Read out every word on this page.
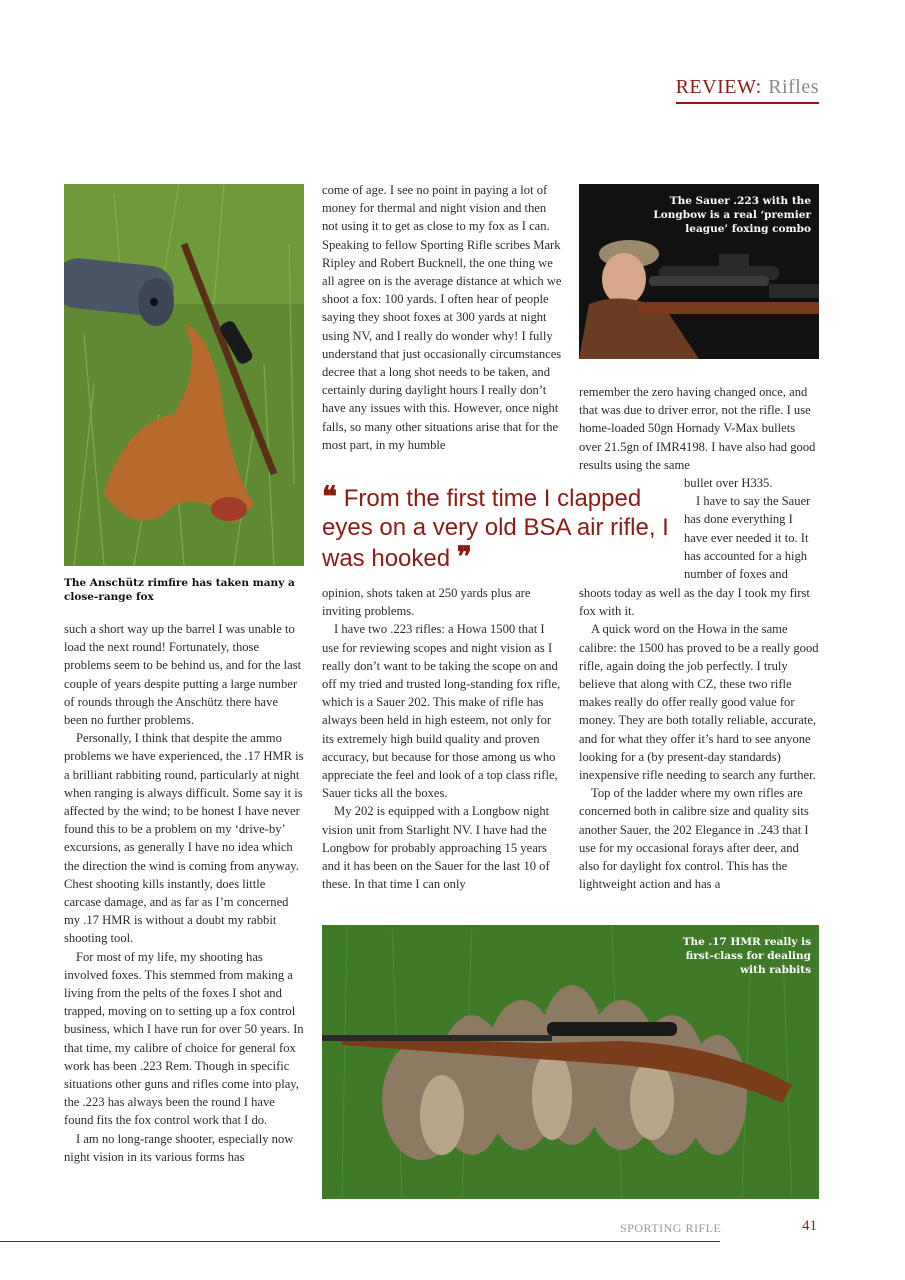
REVIEW: Rifles
The Anschütz rimfire has taken many a close-range fox
The Sauer .223 with the
Longbow is a real ‘premier
league’ foxing combo
The .17 HMR really is
first-class for dealing
with rabbits

such a short way up the barrel I was unable to load the next round! Fortunately, those problems seem to be behind us, and for the last couple of years despite putting a large number of rounds through the Anschütz there have been no further problems.

Personally, I think that despite the ammo problems we have experienced, the .17 HMR is a brilliant rabbiting round, particularly at night when ranging is always difficult. Some say it is affected by the wind; to be honest I have never found this to be a problem on my ‘drive-by’ excursions, as generally I have no idea which the direction the wind is coming from anyway. Chest shooting kills instantly, does little carcase damage, and as far as I’m concerned my .17 HMR is without a doubt my rabbit shooting tool.

For most of my life, my shooting has involved foxes. This stemmed from making a living from the pelts of the foxes I shot and trapped, moving on to setting up a fox control business, which I have run for over 50 years. In that time, my calibre of choice for general fox work has been .223 Rem. Though in specific situations other guns and rifles come into play, the .223 has always been the round I have found fits the fox control work that I do.

I am no long-range shooter, especially now night vision in its various forms has

come of age. I see no point in paying a lot of money for thermal and night vision and then not using it to get as close to my fox as I can. Speaking to fellow Sporting Rifle scribes Mark Ripley and Robert Bucknell, the one thing we all agree on is the average distance at which we shoot a fox: 100 yards. I often hear of people saying they shoot foxes at 300 yards at night using NV, and I really do wonder why! I fully understand that just occasionally circumstances decree that a long shot needs to be taken, and certainly during daylight hours I really don’t have any issues with this. However, once night falls, so many other situations arise that for the most part, in my humble

❝ From the first time I clapped eyes on a very old BSA air rifle, I was hooked ❞

opinion, shots taken at 250 yards plus are inviting problems.

I have two .223 rifles: a Howa 1500 that I use for reviewing scopes and night vision as I really don’t want to be taking the scope on and off my tried and trusted long-standing fox rifle, which is a Sauer 202. This make of rifle has always been held in high esteem, not only for its extremely high build quality and proven accuracy, but because for those among us who appreciate the feel and look of a top class rifle, Sauer ticks all the boxes.

My 202 is equipped with a Longbow night vision unit from Starlight NV. I have had the Longbow for probably approaching 15 years and it has been on the Sauer for the last 10 of these. In that time I can only

remember the zero having changed once, and that was due to driver error, not the rifle. I use home-loaded 50gn Hornady V-Max bullets over 21.5gn of IMR4198. I have also had good results using the same

bullet over H335.

I have to say the Sauer has done everything I have ever needed it to. It has accounted for a high number of foxes and

shoots today as well as the day I took my first fox with it.

A quick word on the Howa in the same calibre: the 1500 has proved to be a really good rifle, again doing the job perfectly. I truly believe that along with CZ, these two rifle makes really do offer really good value for money. They are both totally reliable, accurate, and for what they offer it’s hard to see anyone looking for a (by present-day standards) inexpensive rifle needing to search any further.

Top of the ladder where my own rifles are concerned both in calibre size and quality sits another Sauer, the 202 Elegance in .243 that I use for my occasional forays after deer, and also for daylight fox control. This has the lightweight action and has a

SPORTING RIFLE	41
